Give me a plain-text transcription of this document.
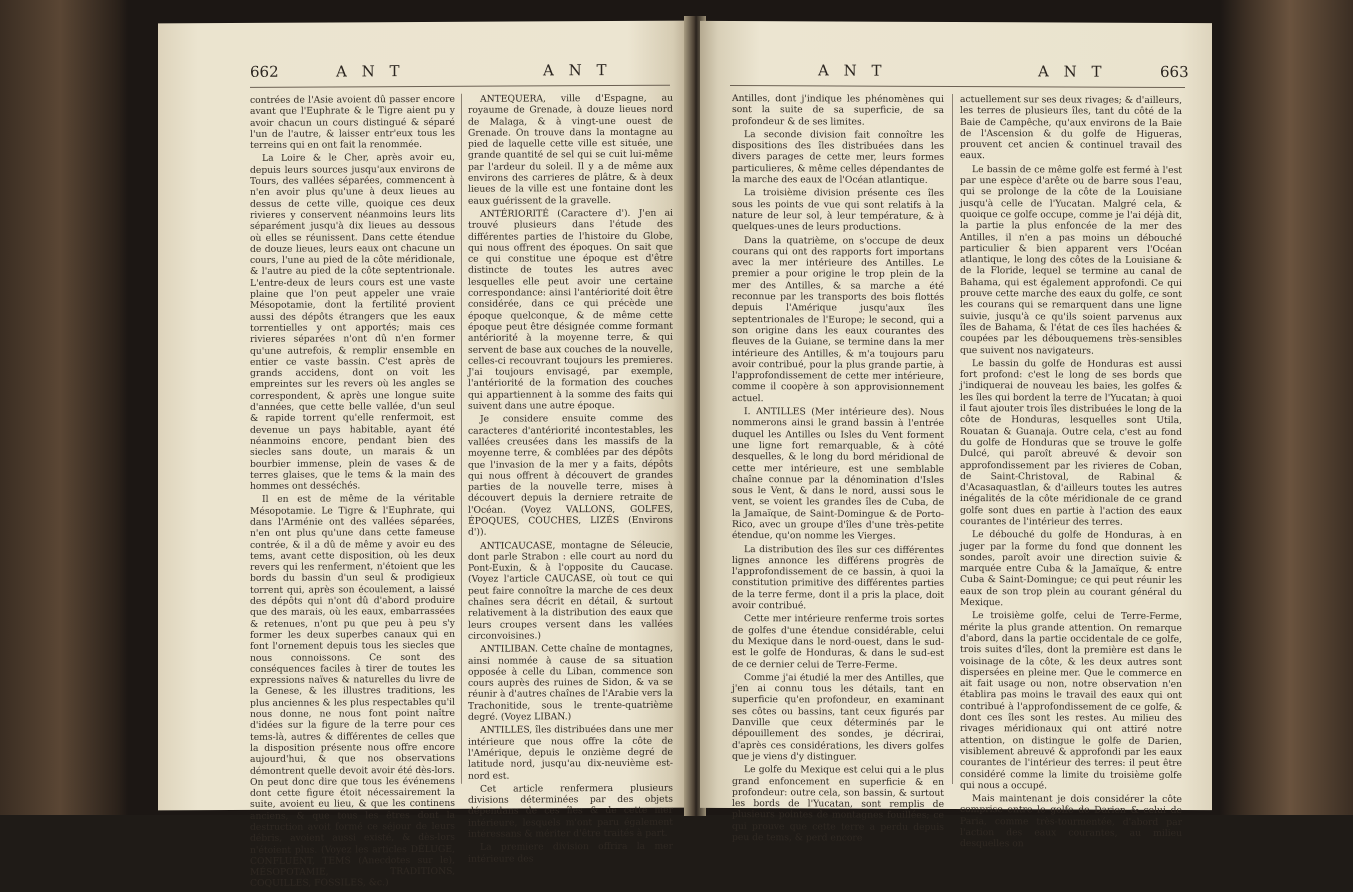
662	A N T	A N T

contrées de l'Asie avoient dû passer encore avant que l'Euphrate & le Tigre aient pu y avoir chacun un cours distingué & séparé l'un de l'autre, & laisser entr'eux tous les terreins qui en ont fait la renommée.

La Loire & le Cher, après avoir eu, depuis leurs sources jusqu'aux environs de Tours, des vallées séparées, commencent à n'en avoir plus qu'une à deux lieues au dessus de cette ville, quoique ces deux rivieres y conservent néanmoins leurs lits séparément jusqu'à dix lieues au dessous où elles se réunissent. Dans cette étendue de douze lieues, leurs eaux ont chacune un cours, l'une au pied de la côte méridionale, & l'autre au pied de la côte septentrionale. L'entre-deux de leurs cours est une vaste plaine que l'on peut appeler une vraie Mésopotamie, dont la fertilité provient aussi des dépôts étrangers que les eaux torrentielles y ont apportés; mais ces rivieres séparées n'ont dû n'en former qu'une autrefois, & remplir ensemble en entier ce vaste bassin. C'est après de grands accidens, dont on voit les empreintes sur les revers où les angles se correspondent, & après une longue suite d'années, que cette belle vallée, d'un seul & rapide torrent qu'elle renfermoit, est devenue un pays habitable, ayant été néanmoins encore, pendant bien des siecles sans doute, un marais & un bourbier immense, plein de vases & de terres glaises, que le tems & la main des hommes ont desséchés.

Il en est de même de la véritable Mésopotamie. Le Tigre & l'Euphrate, qui dans l'Arménie ont des vallées séparées, n'en ont plus qu'une dans cette fameuse contrée, & il a dû de même y avoir eu des tems, avant cette disposition, où les deux revers qui les renferment, n'étoient que les bords du bassin d'un seul & prodigieux torrent qui, après son écoulement, a laissé des dépôts qui n'ont dû d'abord produire que des marais, où les eaux, embarrassées & retenues, n'ont pu que peu à peu s'y former les deux superbes canaux qui en font l'ornement depuis tous les siecles que nous connoissons. Ce sont des conséquences faciles à tirer de toutes les expressions naïves & naturelles du livre de la Genese, & les illustres traditions, les plus anciennes & les plus respectables qu'il nous donne, ne nous font point naître d'idées sur la figure de la terre pour ces tems-là, autres & différentes de celles que la disposition présente nous offre encore aujourd'hui, & que nos observations démontrent quelle devoit avoir été dès-lors. On peut donc dire que tous les événemens dont cette figure étoit nécessairement la suite, avoient eu lieu, & que les continens anciens, & que tous les êtres dont la destruction avoit formé ce séjour de leurs débris, avoient aussi existé, & dès-lors n'étoient plus. (Voyez les articles DÉLUGE, CONFLUENT, TEMS (Anecdotes sur le), MÉSOPOTAMIE, TRADITIONS, COQUILLES, FOSSILES, &c.)

ANTEQUERA, ville d'Espagne, au royaume de Grenade, à douze lieues nord de Malaga, & à vingt-une ouest de Grenade. On trouve dans la montagne au pied de laquelle cette ville est située, une grande quantité de sel qui se cuit lui-même par l'ardeur du soleil. Il y a de même aux environs des carrieres de plâtre, & à deux lieues de la ville est une fontaine dont les eaux guérissent de la gravelle.

ANTÉRIORITÉ (Caractere d'). J'en ai trouvé plusieurs dans l'étude des différentes parties de l'histoire du Globe, qui nous offrent des époques. On sait que ce qui constitue une époque est d'être distincte de toutes les autres avec lesquelles elle peut avoir une certaine correspondance: ainsi l'antériorité doit être considérée, dans ce qui précède une époque quelconque, & de même cette époque peut être désignée comme formant antériorité à la moyenne terre, & qui servent de base aux couches de la nouvelle, celles-ci recouvrant toujours les premieres. J'ai toujours envisagé, par exemple, l'antériorité de la formation des couches qui appartiennent à la somme des faits qui suivent dans une autre époque.

Je considere ensuite comme des caracteres d'antériorité incontestables, les vallées creusées dans les massifs de la moyenne terre, & comblées par des dépôts que l'invasion de la mer y a faits, dépôts qui nous offrent à découvert de grandes parties de la nouvelle terre, mises à découvert depuis la derniere retraite de l'Océan. (Voyez VALLONS, GOLFES, ÉPOQUES, COUCHES, LIZÉS (Environs d')).

ANTICAUCASE, montagne de Séleucie, dont parle Strabon : elle court au nord du Pont-Euxin, & à l'opposite du Caucase. (Voyez l'article CAUCASE, où tout ce qui peut faire connoître la marche de ces deux chaînes sera décrit en détail, & surtout relativement à la distribution des eaux que leurs croupes versent dans les vallées circonvoisines.)

ANTILIBAN. Cette chaîne de montagnes, ainsi nommée à cause de sa situation opposée à celle du Liban, commence son cours auprès des ruines de Sidon, & va se réunir à d'autres chaînes de l'Arabie vers la Trachonitide, sous le trente-quatrième degré. (Voyez LIBAN.)

ANTILLES, îles distribuées dans une mer intérieure que nous offre la côte de l'Amérique, depuis le onzième degré de latitude nord, jusqu'au dix-neuvième est-nord est.

Cet article renfermera plusieurs divisions déterminées par des objets dépendans de ces îles & de cette mer intérieure, lesquels m'ont paru également intéressans & mériter d'être traités à part.

La premiere division offrira la mer intérieure des

A N T	A N T	663

Antilles, dont j'indique les phénomènes qui sont la suite de sa superficie, de sa profondeur & de ses limites.

La seconde division fait connoître les dispositions des îles distribuées dans les divers parages de cette mer, leurs formes particulieres, & même celles dépendantes de la marche des eaux de l'Océan atlantique.

La troisième division présente ces îles sous les points de vue qui sont relatifs à la nature de leur sol, à leur température, & à quelques-unes de leurs productions.

Dans la quatrième, on s'occupe de deux courans qui ont des rapports fort importans avec la mer intérieure des Antilles. Le premier a pour origine le trop plein de la mer des Antilles, & sa marche a été reconnue par les transports des bois flottés depuis l'Amérique jusqu'aux îles septentrionales de l'Europe; le second, qui a son origine dans les eaux courantes des fleuves de la Guiane, se termine dans la mer intérieure des Antilles, & m'a toujours paru avoir contribué, pour la plus grande partie, à l'approfondissement de cette mer intérieure, comme il coopère à son approvisionnement actuel.

I. ANTILLES (Mer intérieure des). Nous nommerons ainsi le grand bassin à l'entrée duquel les Antilles ou Isles du Vent forment une ligne fort remarquable, & à côté desquelles, & le long du bord méridional de cette mer intérieure, est une semblable chaîne connue par la dénomination d'Isles sous le Vent, & dans le nord, aussi sous le vent, se voient les grandes îles de Cuba, de la Jamaïque, de Saint-Domingue & de Porto-Rico, avec un groupe d'îles d'une très-petite étendue, qu'on nomme les Vierges.

La distribution des îles sur ces différentes lignes annonce les différens progrès de l'approfondissement de ce bassin, à quoi la constitution primitive des différentes parties de la terre ferme, dont il a pris la place, doit avoir contribué.

Cette mer intérieure renferme trois sortes de golfes d'une étendue considérable, celui du Mexique dans le nord-ouest, dans le sud-est le golfe de Honduras, & dans le sud-est de ce dernier celui de Terre-Ferme.

Comme j'ai étudié la mer des Antilles, que j'en ai connu tous les détails, tant en superficie qu'en profondeur, en examinant ses côtes ou bassins, tant ceux figurés par Danville que ceux déterminés par le dépouillement des sondes, je décrirai, d'après ces considérations, les divers golfes que je viens d'y distinguer.

Le golfe du Mexique est celui qui a le plus grand enfoncement en superficie & en profondeur: outre cela, son bassin, & surtout les bords de l'Yucatan, sont remplis de plusieurs pointes de montagnes fouillées; ce qui prouve que cette terre a perdu depuis peu de tems, & perd encore

actuellement sur ses deux rivages; & d'ailleurs, les terres de plusieurs îles, tant du côté de la Baie de Campêche, qu'aux environs de la Baie de l'Ascension & du golfe de Higueras, prouvent cet ancien & continuel travail des eaux.

Le bassin de ce même golfe est fermé à l'est par une espèce d'arête ou de barre sous l'eau, qui se prolonge de la côte de la Louisiane jusqu'à celle de l'Yucatan. Malgré cela, & quoique ce golfe occupe, comme je l'ai déjà dit, la partie la plus enfoncée de la mer des Antilles, il n'en a pas moins un débouché particulier & bien apparent vers l'Océan atlantique, le long des côtes de la Louisiane & de la Floride, lequel se termine au canal de Bahama, qui est également approfondi. Ce qui prouve cette marche des eaux du golfe, ce sont les courans qui se remarquent dans une ligne suivie, jusqu'à ce qu'ils soient parvenus aux îles de Bahama, & l'état de ces îles hachées & coupées par les débouquemens très-sensibles que suivent nos navigateurs.

Le bassin du golfe de Honduras est aussi fort profond: c'est le long de ses bords que j'indiquerai de nouveau les baies, les golfes & les îles qui bordent la terre de l'Yucatan; à quoi il faut ajouter trois îles distribuées le long de la côte de Honduras, lesquelles sont Utila, Rouatan & Guanaja. Outre cela, c'est au fond du golfe de Honduras que se trouve le golfe Dulcé, qui paroît abreuvé & devoir son approfondissement par les rivieres de Coban, de Saint-Christoval, de Rabinal & d'Acasaquastlan, & d'ailleurs toutes les autres inégalités de la côte méridionale de ce grand golfe sont dues en partie à l'action des eaux courantes de l'intérieur des terres.

Le débouché du golfe de Honduras, à en juger par la forme du fond que donnent les sondes, paroît avoir une direction suivie & marquée entre Cuba & la Jamaïque, & entre Cuba & Saint-Domingue; ce qui peut réunir les eaux de son trop plein au courant général du Mexique.

Le troisième golfe, celui de Terre-Ferme, mérite la plus grande attention. On remarque d'abord, dans la partie occidentale de ce golfe, trois suites d'îles, dont la première est dans le voisinage de la côte, & les deux autres sont dispersées en pleine mer. Que le commerce en ait fait usage ou non, notre observation n'en établira pas moins le travail des eaux qui ont contribué à l'approfondissement de ce golfe, & dont ces îles sont les restes. Au milieu des rivages méridionaux qui ont attiré notre attention, on distingue le golfe de Darien, visiblement abreuvé & approfondi par les eaux courantes de l'intérieur des terres: il peut être considéré comme la limite du troisième golfe qui nous a occupé.

Mais maintenant je dois considérer la côte comprise entre le golfe de Darien & celui de Paria, comme très-tourmentée, d'abord par l'action des eaux courantes, au milieu desquelles on
